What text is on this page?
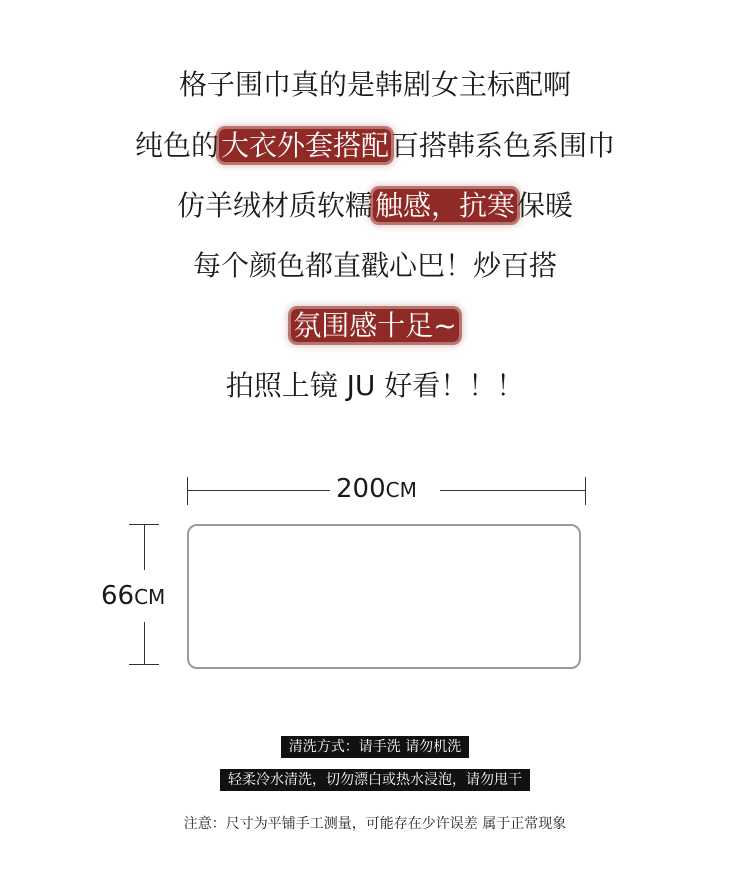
格子围巾真的是韩剧女主标配啊
纯色的大衣外套搭配百搭韩系色系围巾
仿羊绒材质软糯触感，抗寒保暖
每个颜色都直戳心巴！炒百搭
氛围感十足~
拍照上镜 JU 好看！！！
200CM
66CM
清洗方式：请手洗 请勿机洗
轻柔冷水清洗，切勿漂白或热水浸泡，请勿甩干
注意：尺寸为平铺手工测量，可能存在少许误差 属于正常现象
